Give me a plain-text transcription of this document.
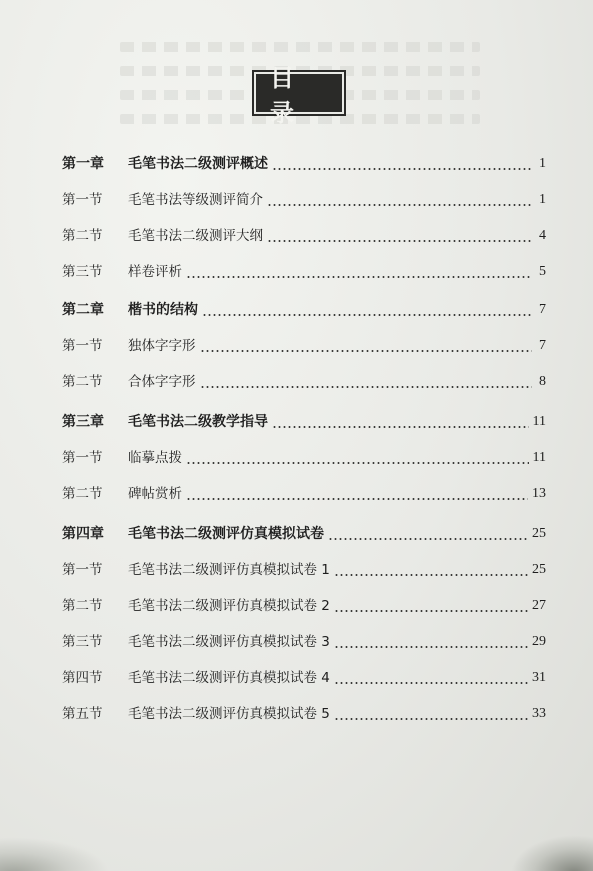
目 录
第一章	毛笔书法二级测评概述	1
第一节	毛笔书法等级测评简介	1
第二节	毛笔书法二级测评大纲	4
第三节	样卷评析	5
第二章	楷书的结构	7
第一节	独体字字形	7
第二节	合体字字形	8
第三章	毛笔书法二级教学指导	11
第一节	临摹点拨	11
第二节	碑帖赏析	13
第四章	毛笔书法二级测评仿真模拟试卷	25
第一节	毛笔书法二级测评仿真模拟试卷 1	25
第二节	毛笔书法二级测评仿真模拟试卷 2	27
第三节	毛笔书法二级测评仿真模拟试卷 3	29
第四节	毛笔书法二级测评仿真模拟试卷 4	31
第五节	毛笔书法二级测评仿真模拟试卷 5	33
